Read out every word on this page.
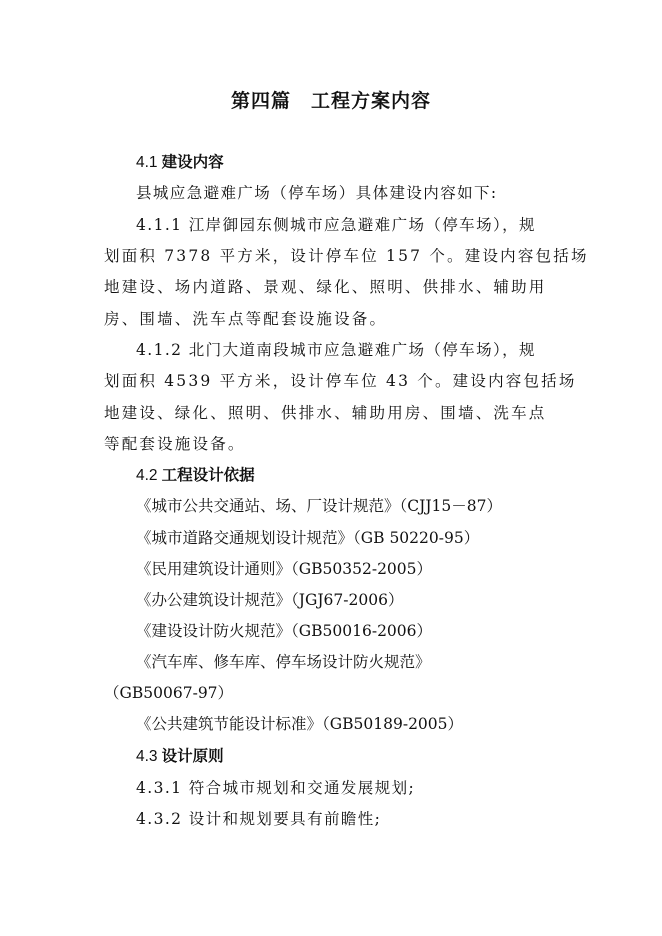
第四篇　工程方案内容
4.1 建设内容
县城应急避难广场（停车场）具体建设内容如下:
4.1.1 江岸御园东侧城市应急避难广场（停车场），规
划面积 7378 平方米，设计停车位 157 个。建设内容包括场
地建设、场内道路、景观、绿化、照明、供排水、辅助用
房、围墙、洗车点等配套设施设备。
4.1.2 北门大道南段城市应急避难广场（停车场），规
划面积 4539 平方米，设计停车位 43 个。建设内容包括场
地建设、绿化、照明、供排水、辅助用房、围墙、洗车点
等配套设施设备。
4.2 工程设计依据
《城市公共交通站、场、厂设计规范》（CJJ15－87）
《城市道路交通规划设计规范》（GB 50220-95）
《民用建筑设计通则》（GB50352-2005）
《办公建筑设计规范》（JGJ67-2006）
《建设设计防火规范》（GB50016-2006）
《汽车库、修车库、停车场设计防火规范》
（GB50067-97）
《公共建筑节能设计标准》（GB50189-2005）
4.3 设计原则
4.3.1 符合城市规划和交通发展规划;
4.3.2 设计和规划要具有前瞻性;
